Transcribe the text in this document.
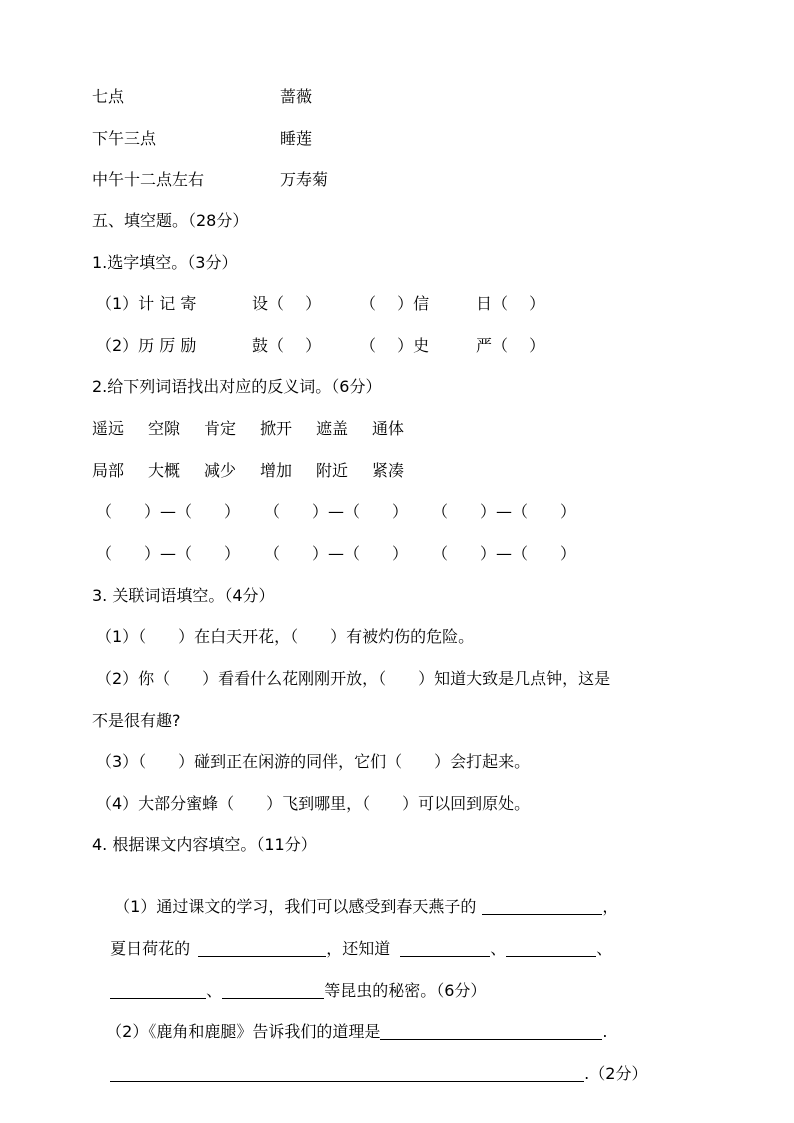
七点	蔷薇
下午三点	睡莲
中午十二点左右	万寿菊
五、填空题。（28分）
1.选字填空。（3分）
（1）计 记 寄	设（　 ） （　 ）信	日（　 ）
（2）历 厉 励	鼓（　 ） （　 ）史	严（　 ）
2.给下列词语找出对应的反义词。（6分）
遥远 空隙 肯定 掀开 遮盖 通体
局部 大概 减少 增加 附近 紧凑
（　　）—（　　） （　　）—（　　） （　　）—（　　）
（　　）—（　　） （　　）—（　　） （　　）—（　　）
3. 关联词语填空。（4分）
（1）（　　）在白天开花，（　　）有被灼伤的危险。
（2）你（　　）看看什么花刚刚开放，（　　）知道大致是几点钟，这是
不是很有趣?
（3）（　　）碰到正在闲游的同伴，它们（　　）会打起来。
（4）大部分蜜蜂（　　）飞到哪里，（　　）可以回到原处。
4. 根据课文内容填空。（11分）

（1）通过课文的学习，我们可以感受到春天燕子的	，

夏日荷花的	，还知道	、	、

、	等昆虫的秘密。（6分）

（2）《鹿角和鹿腿》告诉我们的道理是	.

.（2分）
